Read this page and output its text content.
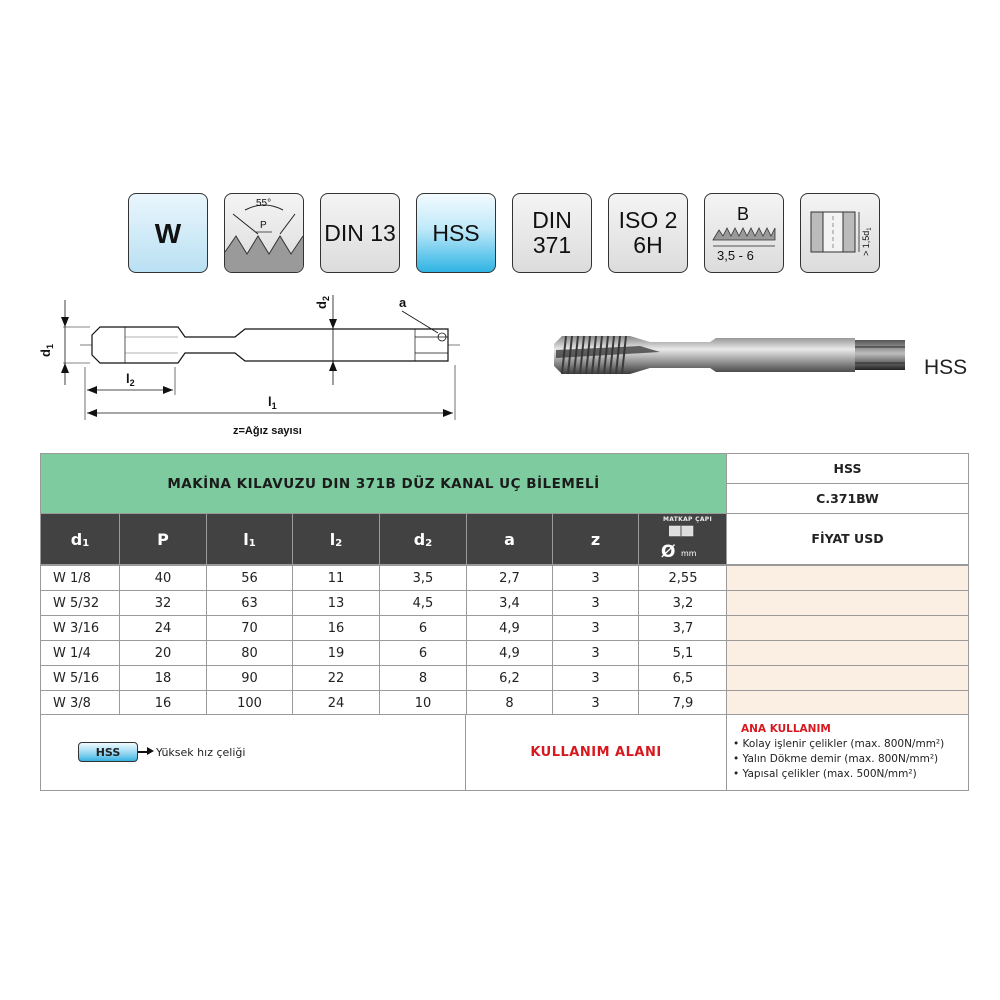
W
55°
P	DIN 13 HSS DIN
371
ISO 2
6H
B
3,5 - 6	> $1,5d_1$
$d_1$
$d_2$	a
$l_2$
$l_1$
z=Ağız sayısı
HSS
MAKİNA KILAVUZU DIN 371B DÜZ KANAL UÇ BİLEMELİ
HSS
C.371BW
FİYAT USD
$d_1$	P	$l_1$	$l_2$	$d_2$	a	z
MATKAP ÇAPI
Ø mm
W 1/8	40	56	11	3,5	2,7	3	2,55
W 5/32	32	63	13	4,5	3,4	3	3,2
W 3/16	24	70	16	6	4,9	3	3,7
W 1/4	20	80	19	6	4,9	3	5,1
W 5/16	18	90	22	8	6,2	3	6,5
W 3/8	16	100	24	10	8	3	7,9
KULLANIM ALANI
HSS	Yüksek hız çeliği
ANA KULLANIM
• Kolay işlenir çelikler (max. 800N/mm²)
• Yalın Dökme demir (max. 800N/mm²)
• Yapısal çelikler (max. 500N/mm²)
